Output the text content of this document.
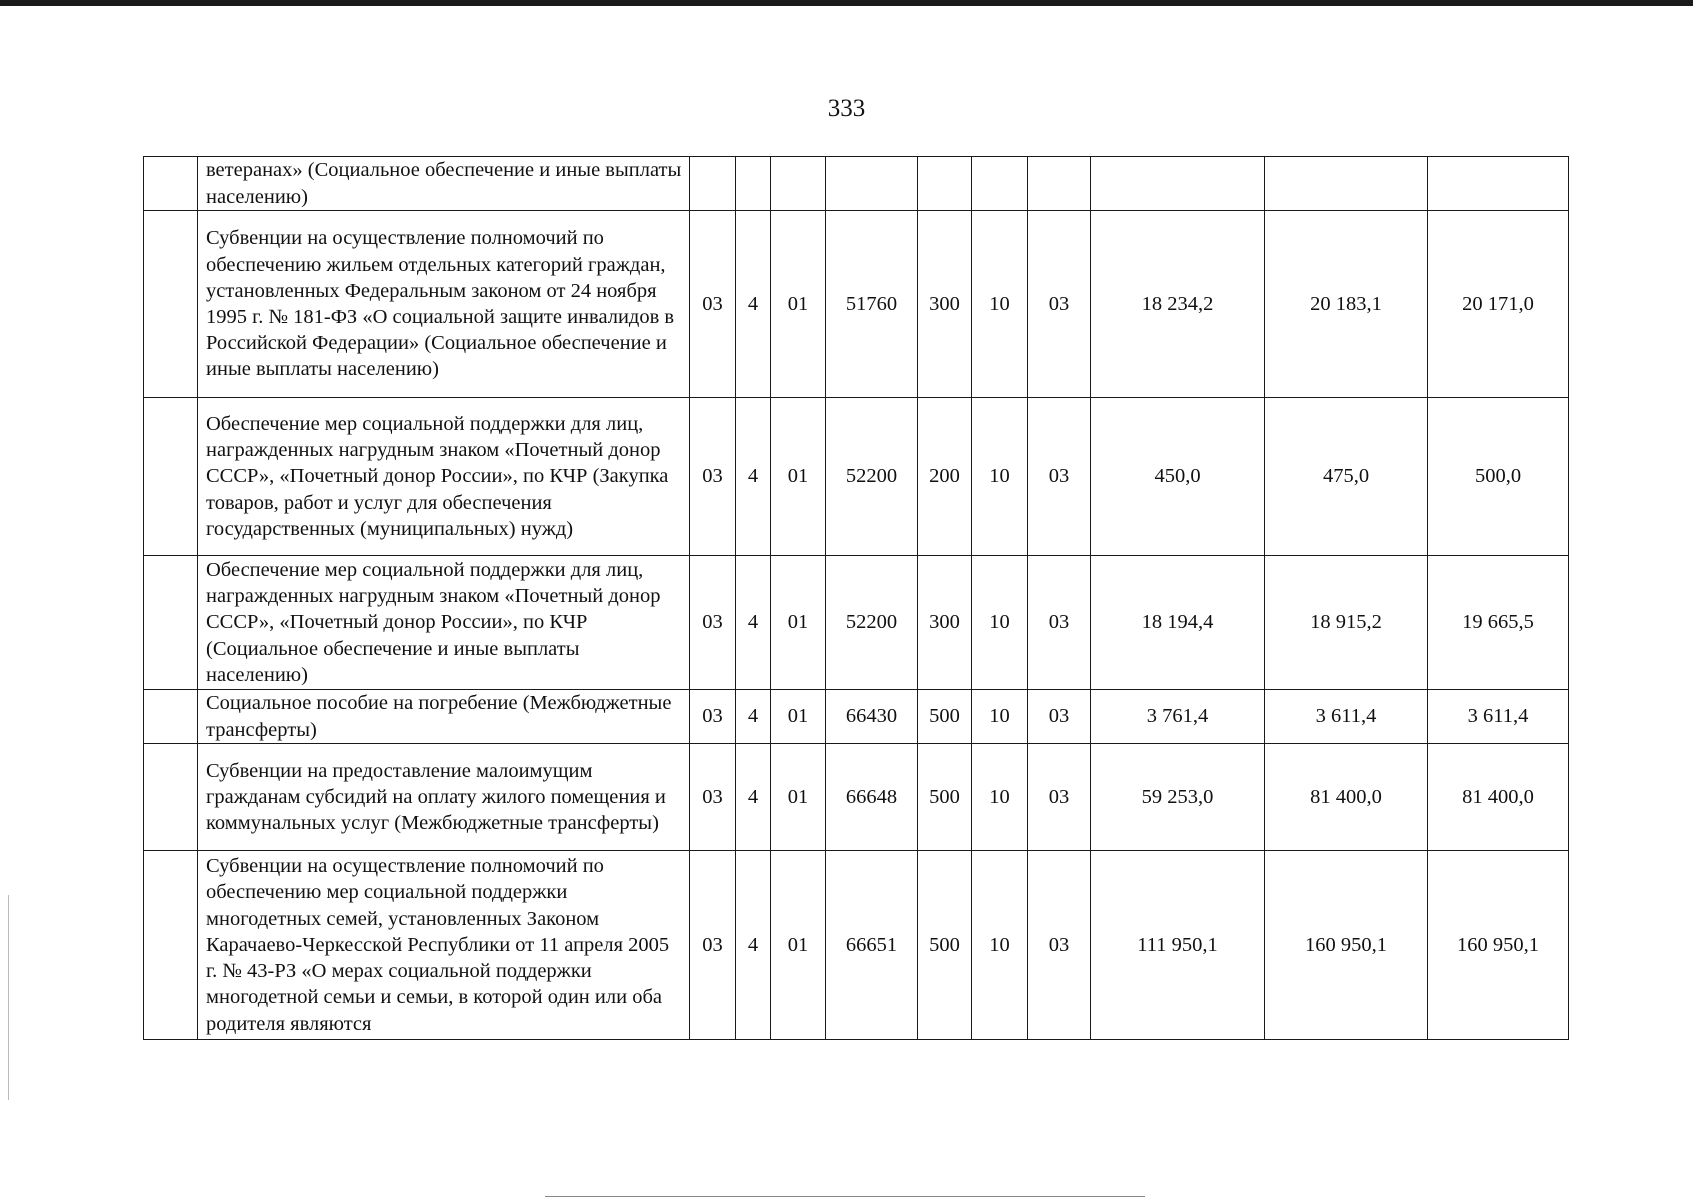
333
	ветеранах» (Социальное обеспечение и иные выплаты населению)										
	Субвенции на осуществление полномочий по обеспечению жильем отдельных категорий граждан, установленных Федеральным законом от 24 ноября 1995 г. № 181-ФЗ «О социальной защите инвалидов в Российской Федерации» (Социальное обеспечение и иные выплаты населению)	03	4	01	51760	300	10	03	18 234,2	20 183,1	20 171,0
	Обеспечение мер социальной поддержки для лиц, награжденных нагрудным знаком «Почетный донор СССР», «Почетный донор России», по КЧР (Закупка товаров, работ и услуг для обеспечения государственных (муниципальных) нужд)	03	4	01	52200	200	10	03	450,0	475,0	500,0
	Обеспечение мер социальной поддержки для лиц, награжденных нагрудным знаком «Почетный донор СССР», «Почетный донор России», по КЧР (Социальное обеспечение и иные выплаты населению)	03	4	01	52200	300	10	03	18 194,4	18 915,2	19 665,5
	Социальное пособие на погребение (Межбюджетные трансферты)	03	4	01	66430	500	10	03	3 761,4	3 611,4	3 611,4
	Субвенции на предоставление малоимущим гражданам субсидий на оплату жилого помещения и коммунальных услуг (Межбюджетные трансферты)	03	4	01	66648	500	10	03	59 253,0	81 400,0	81 400,0
	Субвенции на осуществление полномочий по обеспечению мер социальной поддержки многодетных семей, установленных Законом Карачаево-Черкесской Республики от 11 апреля 2005 г. № 43-РЗ «О мерах социальной поддержки многодетной семьи и семьи, в которой один или оба родителя являются	03	4	01	66651	500	10	03	111 950,1	160 950,1	160 950,1
